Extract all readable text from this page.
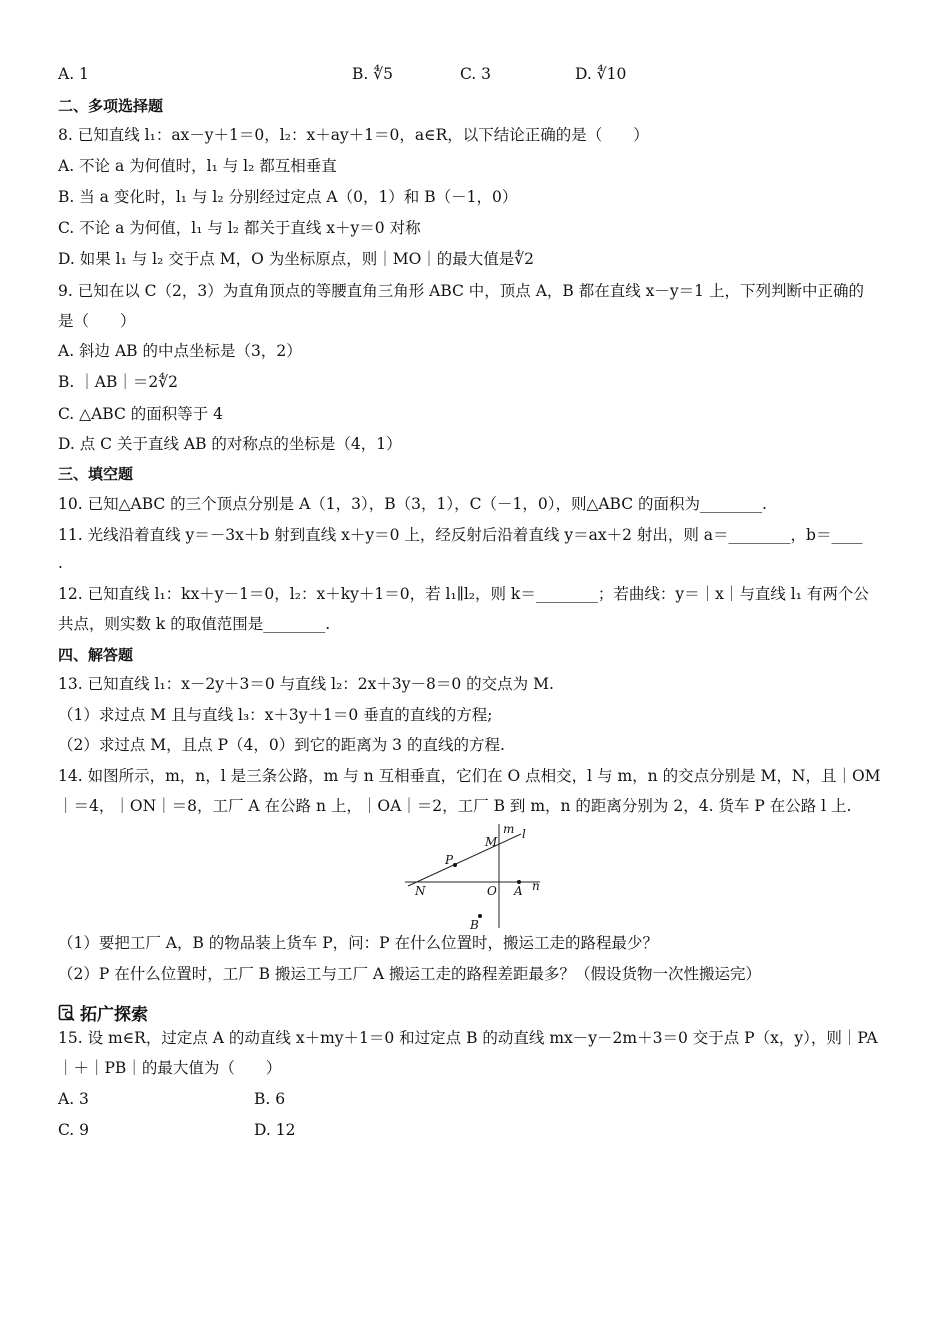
A. 1	B. ∜5	C. 3	D. ∜10
二、多项选择题
8. 已知直线 l₁：ax－y＋1＝0，l₂：x＋ay＋1＝0，a∈R，以下结论正确的是（　　）
A. 不论 a 为何值时，l₁ 与 l₂ 都互相垂直
B. 当 a 变化时，l₁ 与 l₂ 分别经过定点 A（0，1）和 B（－1，0）
C. 不论 a 为何值，l₁ 与 l₂ 都关于直线 x＋y＝0 对称
D. 如果 l₁ 与 l₂ 交于点 M，O 为坐标原点，则｜MO｜的最大值是∜2
9. 已知在以 C（2，3）为直角顶点的等腰直角三角形 ABC 中，顶点 A，B 都在直线 x－y＝1 上，下列判断中正确的
是（　　）
A. 斜边 AB 的中点坐标是（3，2）
B. ｜AB｜＝2∜2
C. △ABC 的面积等于 4
D. 点 C 关于直线 AB 的对称点的坐标是（4，1）
三、填空题
10. 已知△ABC 的三个顶点分别是 A（1，3），B（3，1），C（－1，0），则△ABC 的面积为________.
11. 光线沿着直线 y＝－3x＋b 射到直线 x＋y＝0 上，经反射后沿着直线 y＝ax＋2 射出，则 a＝________，b＝____
.
12. 已知直线 l₁：kx＋y－1＝0，l₂：x＋ky＋1＝0，若 l₁∥l₂，则 k＝________；若曲线：y＝｜x｜与直线 l₁ 有两个公
共点，则实数 k 的取值范围是________.
四、解答题
13. 已知直线 l₁：x－2y＋3＝0 与直线 l₂：2x＋3y－8＝0 的交点为 M.
（1）求过点 M 且与直线 l₃：x＋3y＋1＝0 垂直的直线的方程;
（2）求过点 M，且点 P（4，0）到它的距离为 3 的直线的方程.
14. 如图所示，m，n，l 是三条公路，m 与 n 互相垂直，它们在 O 点相交，l 与 m，n 的交点分别是 M，N，且｜OM
｜＝4，｜ON｜＝8，工厂 A 在公路 n 上，｜OA｜＝2，工厂 B 到 m，n 的距离分别为 2，4. 货车 P 在公路 l 上.
m l
M
P
N	O A n
B
（1）要把工厂 A，B 的物品装上货车 P，问：P 在什么位置时，搬运工走的路程最少？
（2）P 在什么位置时，工厂 B 搬运工与工厂 A 搬运工走的路程差距最多？（假设货物一次性搬运完）
拓广探索
15. 设 m∈R，过定点 A 的动直线 x＋my＋1＝0 和过定点 B 的动直线 mx－y－2m＋3＝0 交于点 P（x，y），则｜PA
｜＋｜PB｜的最大值为（　　）
A. 3	B. 6
C. 9	D. 12
